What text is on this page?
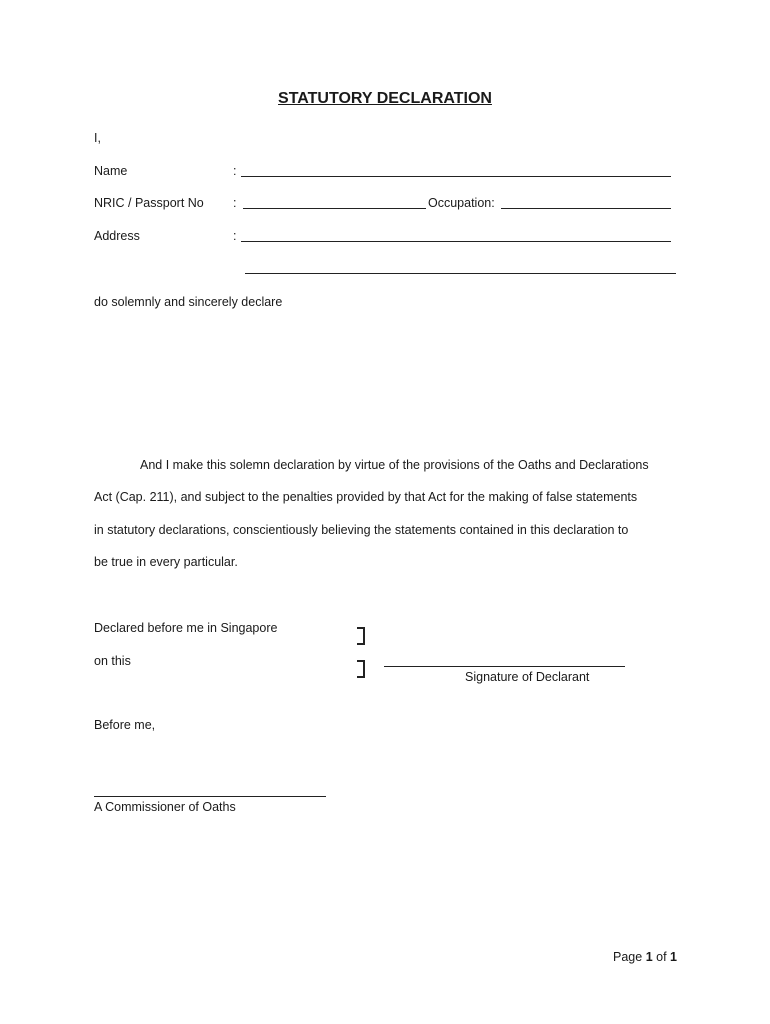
STATUTORY DECLARATION
I,
Name	:
NRIC / Passport No :	Occupation:
Address	:
do solemnly and sincerely declare
And I make this solemn declaration by virtue of the provisions of the Oaths and Declarations
Act (Cap. 211), and subject to the penalties provided by that Act for the making of false statements
in statutory declarations, conscientiously believing the statements contained in this declaration to
be true in every particular.
Declared before me in Singapore
on this
Signature of Declarant
Before me,
A Commissioner of Oaths
Page 1 of 1
